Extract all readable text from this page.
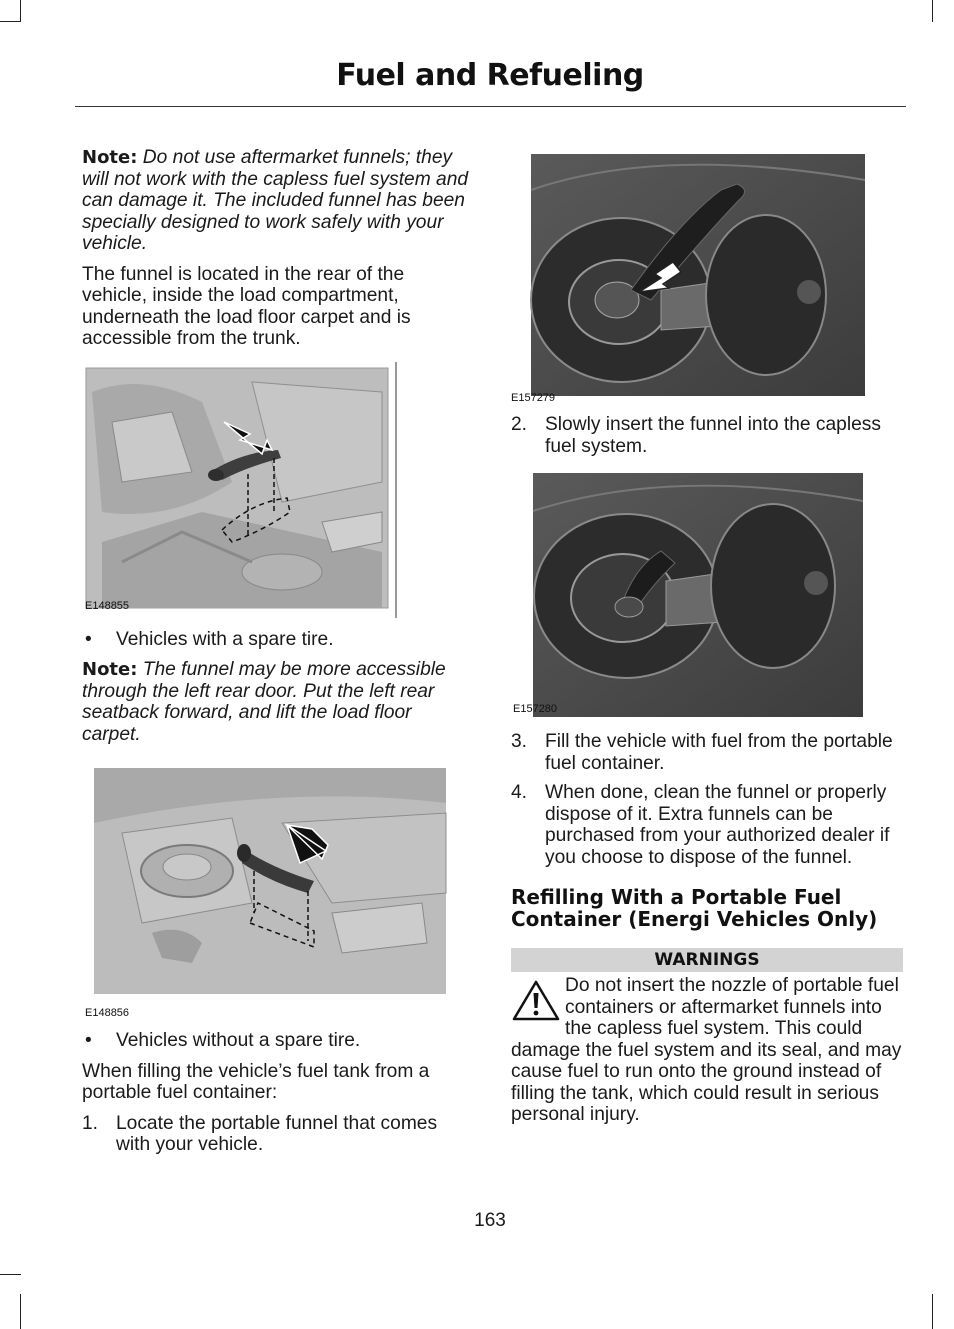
Fuel and Refueling

Note: Do not use aftermarket funnels; they will not work with the capless fuel system and can damage it. The included funnel has been specially designed to work safely with your vehicle.

The funnel is located in the rear of the vehicle, inside the load compartment, underneath the load floor carpet and is accessible from the trunk.

E148855
• Vehicles with a spare tire.

Note: The funnel may be more accessible through the left rear door. Put the left rear seatback forward, and lift the load floor carpet.

E148856
• Vehicles without a spare tire.

When filling the vehicle’s fuel tank from a portable fuel container:

1. Locate the portable funnel that comes with your vehicle.
E157279
2. Slowly insert the funnel into the capless fuel system.
E157280
3. Fill the vehicle with fuel from the portable fuel container.
4. When done, clean the funnel or properly dispose of it. Extra funnels can be purchased from your authorized dealer if you choose to dispose of the funnel.
Refilling With a Portable Fuel Container (Energi Vehicles Only)
WARNINGS

Do not insert the nozzle of portable fuel containers or aftermarket funnels into the capless fuel system. This could damage the fuel system and its seal, and may cause fuel to run onto the ground instead of filling the tank, which could result in serious personal injury.

163
